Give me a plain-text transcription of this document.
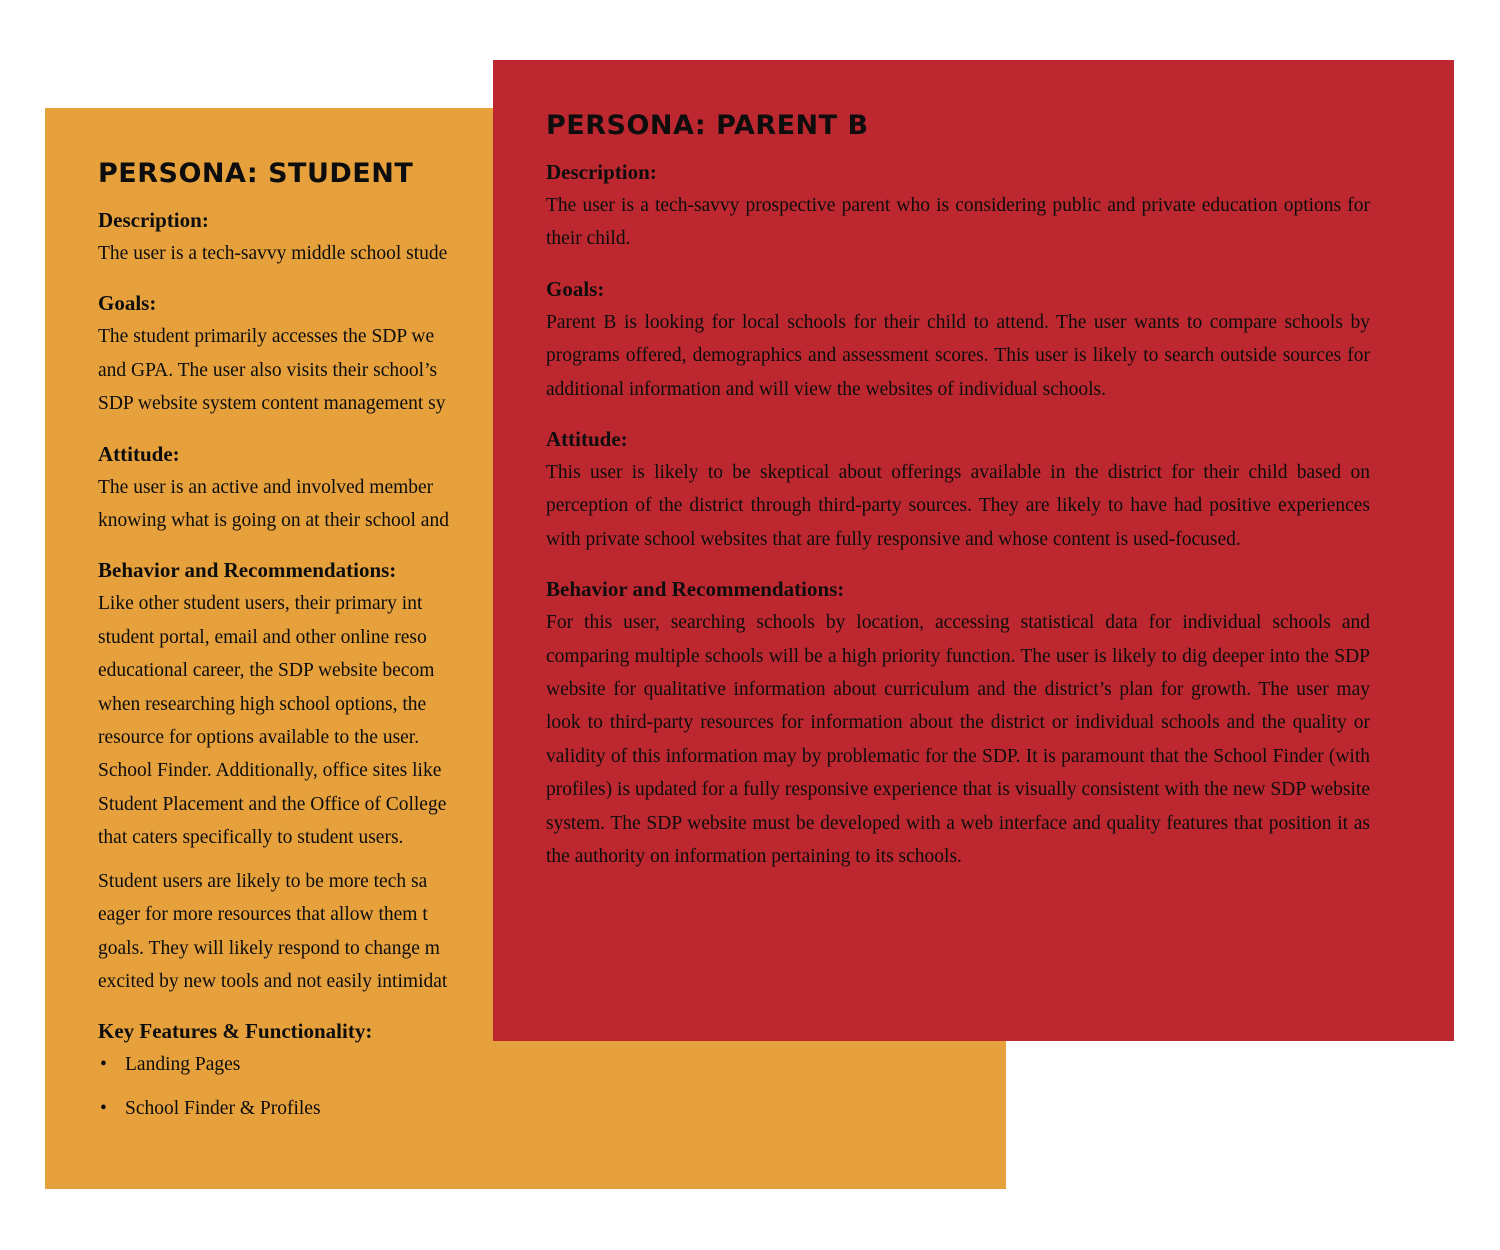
PERSONA: STUDENT
Description:
The user is a tech-savvy middle school stude
Goals:
The student primarily accesses the SDP we
and GPA. The user also visits their school’s
SDP website system content management sy
Attitude:
The user is an active and involved member
knowing what is going on at their school and
Behavior and Recommendations:
Like other student users, their primary int
student portal, email and other online reso
educational career, the SDP website becom
when researching high school options, the
resource for options available to the user.
School Finder. Additionally, office sites like
Student Placement and the Office of College
that caters specifically to student users.
Student users are likely to be more tech sa
eager for more resources that allow them t
goals. They will likely respond to change m
excited by new tools and not easily intimidat
Key Features & Functionality:
• Landing Pages
• School Finder & Profiles
PERSONA: PARENT B
Description:

The user is a tech-savvy prospective parent who is considering public and private education options for their child.

Goals:

Parent B is looking for local schools for their child to attend. The user wants to compare schools by programs offered, demographics and assessment scores. This user is likely to search outside sources for additional information and will view the websites of individual schools.

Attitude:

This user is likely to be skeptical about offerings available in the district for their child based on perception of the district through third-party sources. They are likely to have had positive experiences with private school websites that are fully responsive and whose content is used-focused.

Behavior and Recommendations:

For this user, searching schools by location, accessing statistical data for individual schools and comparing multiple schools will be a high priority function. The user is likely to dig deeper into the SDP website for qualitative information about curriculum and the district’s plan for growth. The user may look to third-party resources for information about the district or individual schools and the quality or validity of this information may by problematic for the SDP. It is paramount that the School Finder (with profiles) is updated for a fully responsive experience that is visually consistent with the new SDP website system. The SDP website must be developed with a web interface and quality features that position it as the authority on information pertaining to its schools.
